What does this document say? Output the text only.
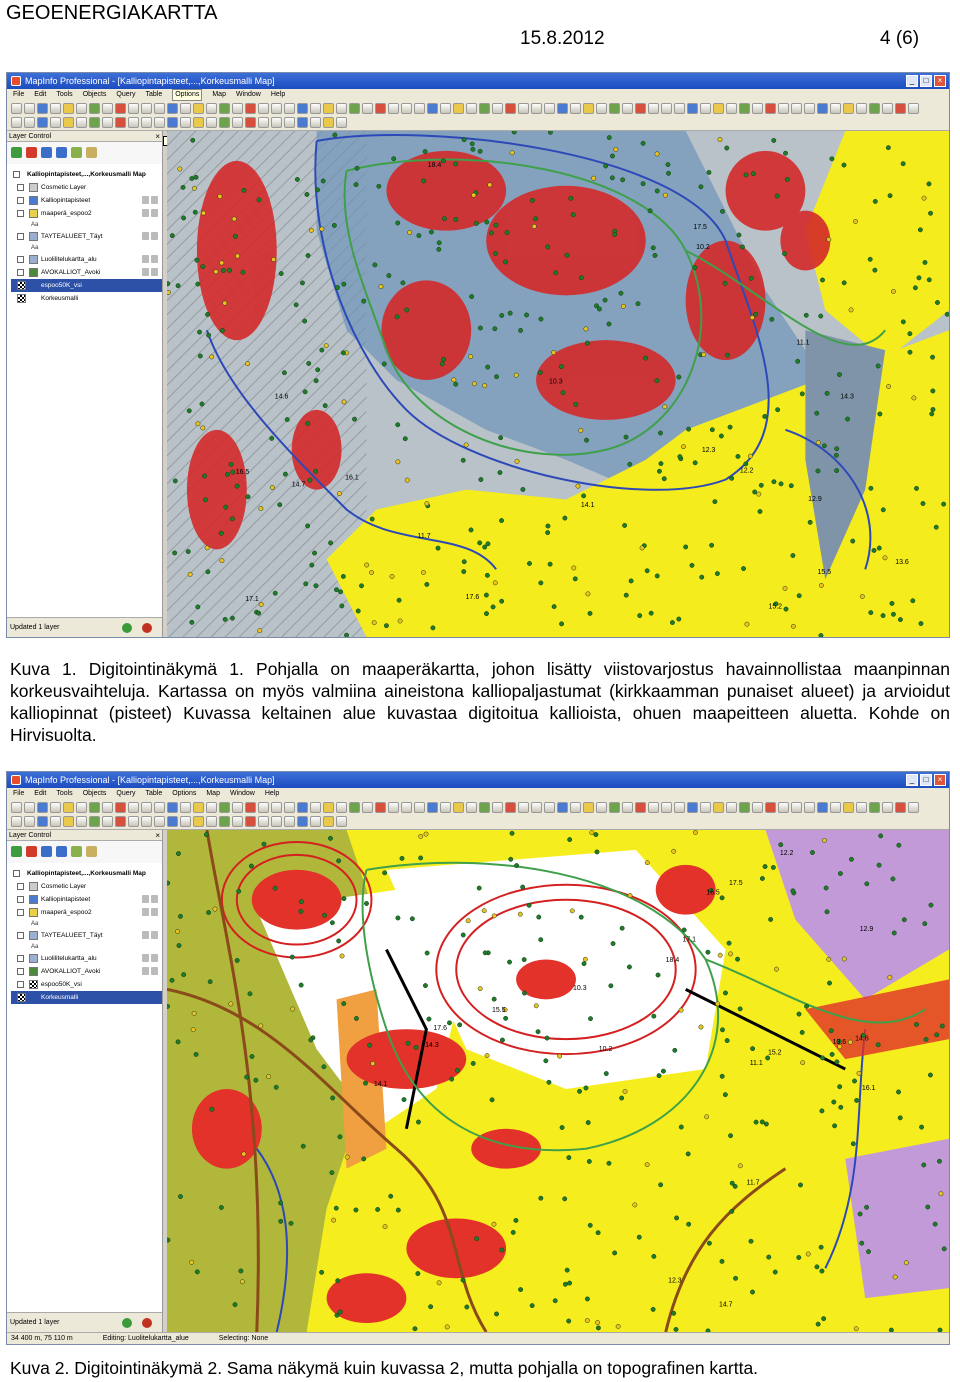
GEOENERGIAKARTTA
15.8.2012	4 (6)
MapInfo Professional - [Kalliopintapisteet,...,Korkeusmalli Map]	_	□	×
File Edit Tools Objects Query Table	Options	Map Window Help
Layer Control	×
Kalliopintapisteet,...,Korkeusmalli Map
Cosmetic Layer
Kalliopintapisteet
maaperä_espoo2
Aa
TAYTEALUEET_Täyt
Aa
Luolilitelukartta_alu
AVOKALLIOT_Avoki
espoo50K_vsi
Korkeusmalli
Updated 1 layer
14.3
15.2
13.6
16.1
17.1
14.7
12.3
11.7
10.2
12.2
15.5
16.5
17.5
14.6
10.3
11.1
18.4
17.6
14.1
12.9
Kuva 1. Digitointinäkymä 1. Pohjalla on maaperäkartta, johon lisätty viistovarjostus havainnollistaa maanpinnan korkeusvaihteluja. Kartassa on myös valmiina aineistona kalliopaljastumat (kirkkaamman punaiset alueet) ja arvioidut kalliopinnat (pisteet) Kuvassa keltainen alue kuvastaa digitoitua kallioista, ohuen maapeitteen aluetta. Kohde on Hirvisuolta.
MapInfo Professional - [Kalliopintapisteet,...,Korkeusmalli Map]	_	□	×
File Edit Tools Objects Query Table Options Map Window Help
Layer Control	×
Kalliopintapisteet,...,Korkeusmalli Map
Cosmetic Layer
Kalliopintapisteet
maaperä_espoo2
Aa
TAYTEALUEET_Täyt
Aa
Luolilitelukartta_alu
AVOKALLIOT_Avoki
espoo50K_vsi
Korkeusmalli
Updated 1 layer
14.3
15.2
13.6
16.1
17.1
14.7
12.3
11.7
10.2
12.2
15.5
16.5
17.5
14.6
10.3
11.1
18.4
17.6
14.1
12.9
34 400 m, 75 110 m	Editing: Luolitelukartta_alue	Selecting: None
Kuva 2. Digitointinäkymä 2. Sama näkymä kuin kuvassa 2, mutta pohjalla on topografinen kartta.
